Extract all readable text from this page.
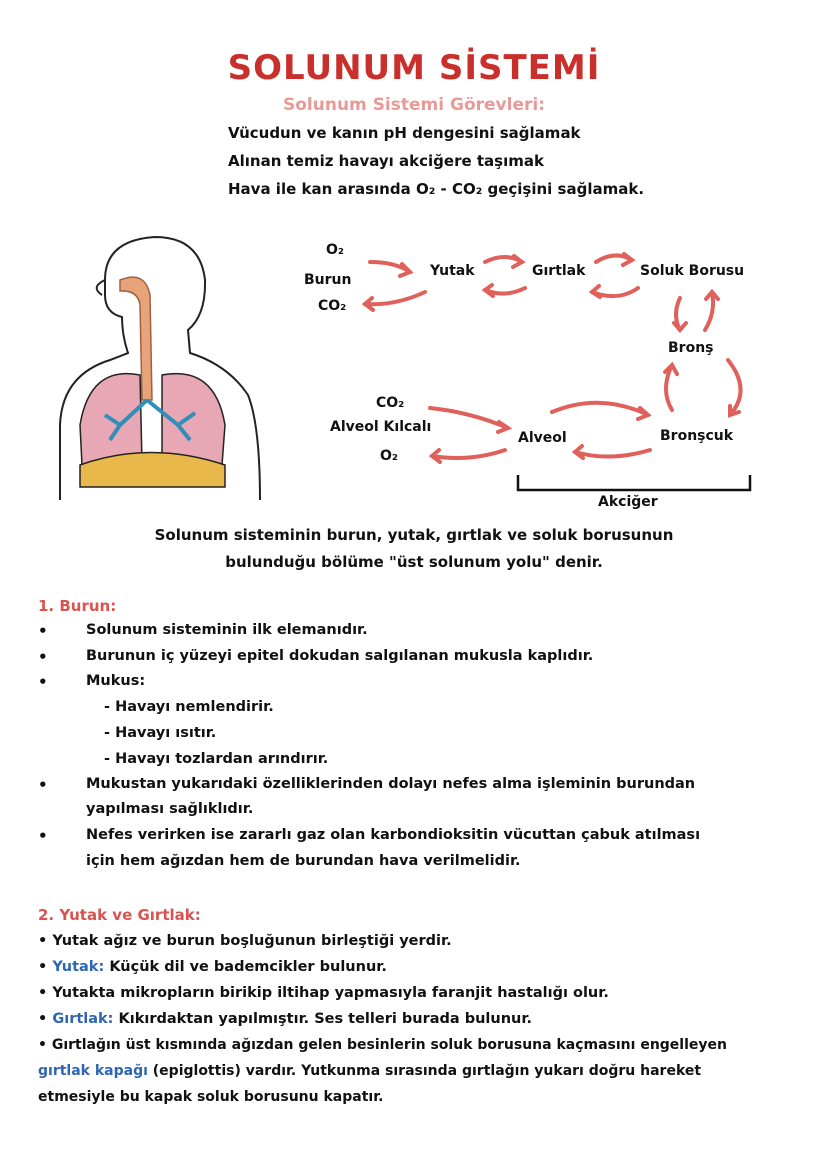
SOLUNUM SİSTEMİ
Solunum Sistemi Görevleri:
Vücudun ve kanın pH dengesini sağlamak
Alınan temiz havayı akciğere taşımak
Hava ile kan arasında O₂ - CO₂ geçişini sağlamak.
O₂
Burun
CO₂
Yutak	Gırtlak	Soluk Borusu
Bronş
CO₂
Alveol Kılcalı
O₂
Alveol	Bronşcuk
Akciğer
Solunum sisteminin burun, yutak, gırtlak ve soluk borusunun
bulunduğu bölüme "üst solunum yolu" denir.
1. Burun:
•	Solunum sisteminin ilk elemanıdır.
•	Burunun iç yüzeyi epitel dokudan salgılanan mukusla kaplıdır.
•	Mukus:
- Havayı nemlendirir.
- Havayı ısıtır.
- Havayı tozlardan arındırır.
•	Mukustan yukarıdaki özelliklerinden dolayı nefes alma işleminin burundan
yapılması sağlıklıdır.
•	Nefes verirken ise zararlı gaz olan karbondioksitin vücuttan çabuk atılması
için hem ağızdan hem de burundan hava verilmelidir.
2. Yutak ve Gırtlak:
• Yutak ağız ve burun boşluğunun birleştiği yerdir.
• Yutak: Küçük dil ve bademcikler bulunur.
• Yutakta mikropların birikip iltihap yapmasıyla faranjit hastalığı olur.
• Gırtlak: Kıkırdaktan yapılmıştır. Ses telleri burada bulunur.
• Gırtlağın üst kısmında ağızdan gelen besinlerin soluk borusuna kaçmasını engelleyen
gırtlak kapağı (epiglottis) vardır. Yutkunma sırasında gırtlağın yukarı doğru hareket
etmesiyle bu kapak soluk borusunu kapatır.
